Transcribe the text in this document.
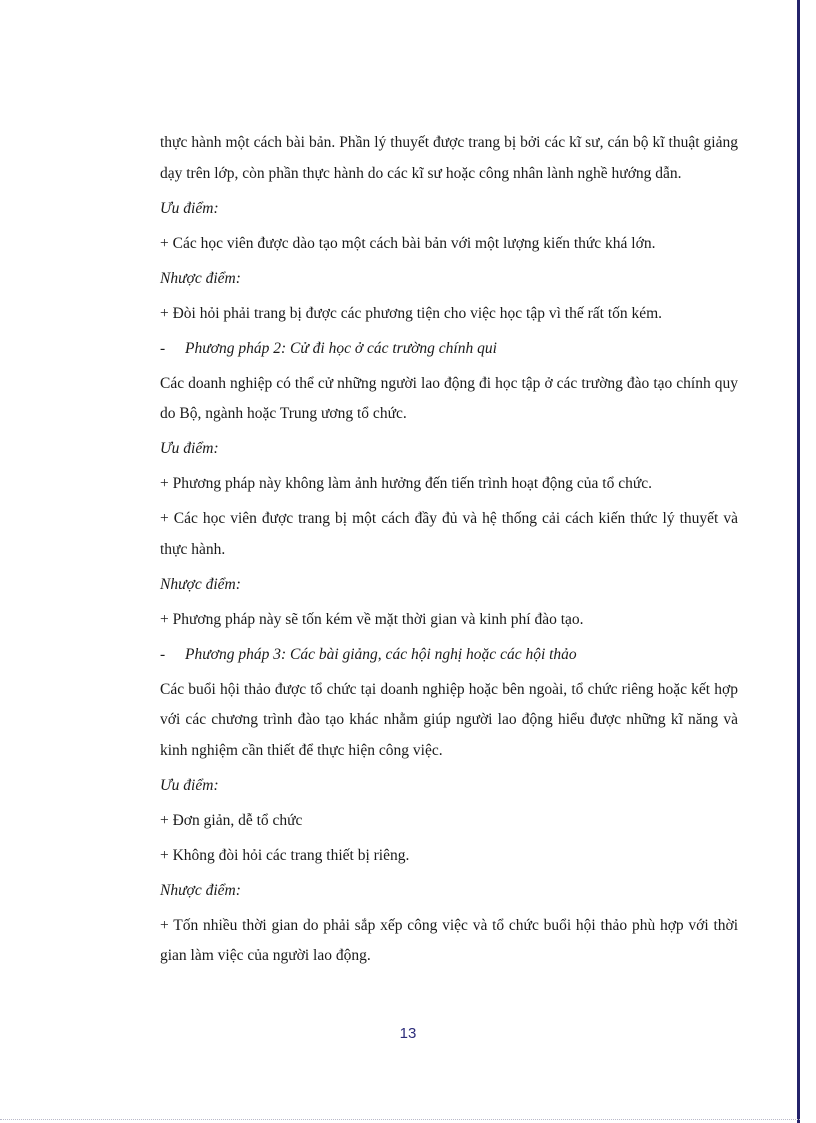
thực hành một cách bài bản. Phần lý thuyết được trang bị bởi các kĩ sư, cán bộ kĩ thuật giảng dạy trên lớp, còn phần thực hành do các kĩ sư hoặc công nhân lành nghề hướng dẫn.

Ưu điểm:

+ Các học viên được dào tạo một cách bài bản với một lượng kiến thức khá lớn.

Nhược điểm:

+ Đòi hỏi phải trang bị được các phương tiện cho việc học tập vì thế rất tốn kém.

-	Phương pháp 2: Cử đi học ở các trường chính qui

Các doanh nghiệp có thể cử những người lao động đi học tập ở các trường đào tạo chính quy do Bộ, ngành hoặc Trung ương tổ chức.

Ưu điểm:

+ Phương pháp này không làm ảnh hưởng đến tiến trình hoạt động của tổ chức.

+ Các học viên được trang bị một cách đầy đủ và hệ thống cải cách kiến thức lý thuyết và thực hành.

Nhược điểm:

+ Phương pháp này sẽ tốn kém về mặt thời gian và kinh phí đào tạo.

-	Phương pháp 3: Các bài giảng, các hội nghị hoặc các hội thảo

Các buổi hội thảo được tổ chức tại doanh nghiệp hoặc bên ngoài, tổ chức riêng hoặc kết hợp với các chương trình đào tạo khác nhằm giúp người lao động hiểu được những kĩ năng và kinh nghiệm cần thiết để thực hiện công việc.

Ưu điểm:

+ Đơn giản, dễ tổ chức

+ Không đòi hỏi các trang thiết bị riêng.

Nhược điểm:

+ Tốn nhiều thời gian do phải sắp xếp công việc và tổ chức buổi hội thảo phù hợp với thời gian làm việc của người lao động.

13
